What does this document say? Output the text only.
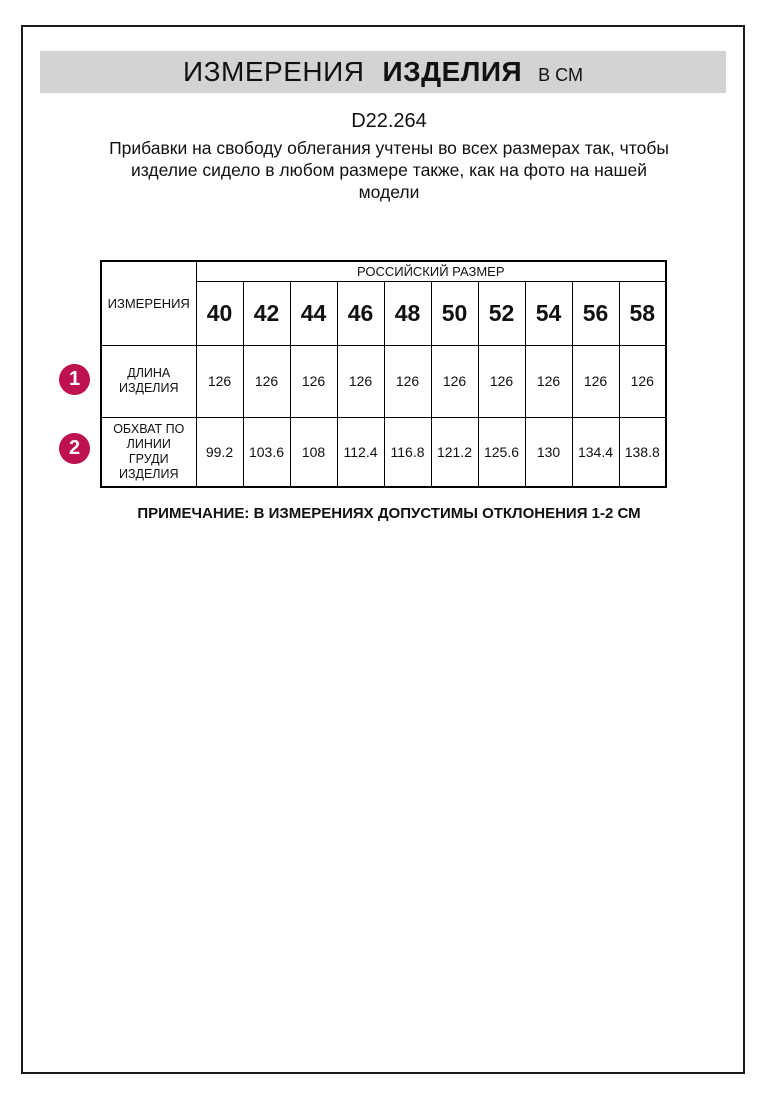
ИЗМЕРЕНИЯ ИЗДЕЛИЯ В СМ
D22.264
Прибавки на свободу облегания учтены во всех размерах так, чтобы
изделие сидело в любом размере также, как на фото на нашей
модели
ИЗМЕРЕНИЯ	РОССИЙСКИЙ РАЗМЕР									
	40	42	44	46	48	50	52	54	56	58
ДЛИНА ИЗДЕЛИЯ	126	126	126	126	126	126	126	126	126	126
ОБХВАТ ПО ЛИНИИ ГРУДИ ИЗДЕЛИЯ	99.2	103.6	108	112.4	116.8	121.2	125.6	130	134.4	138.8
1
2
ПРИМЕЧАНИЕ: В ИЗМЕРЕНИЯХ ДОПУСТИМЫ ОТКЛОНЕНИЯ 1-2 СМ
